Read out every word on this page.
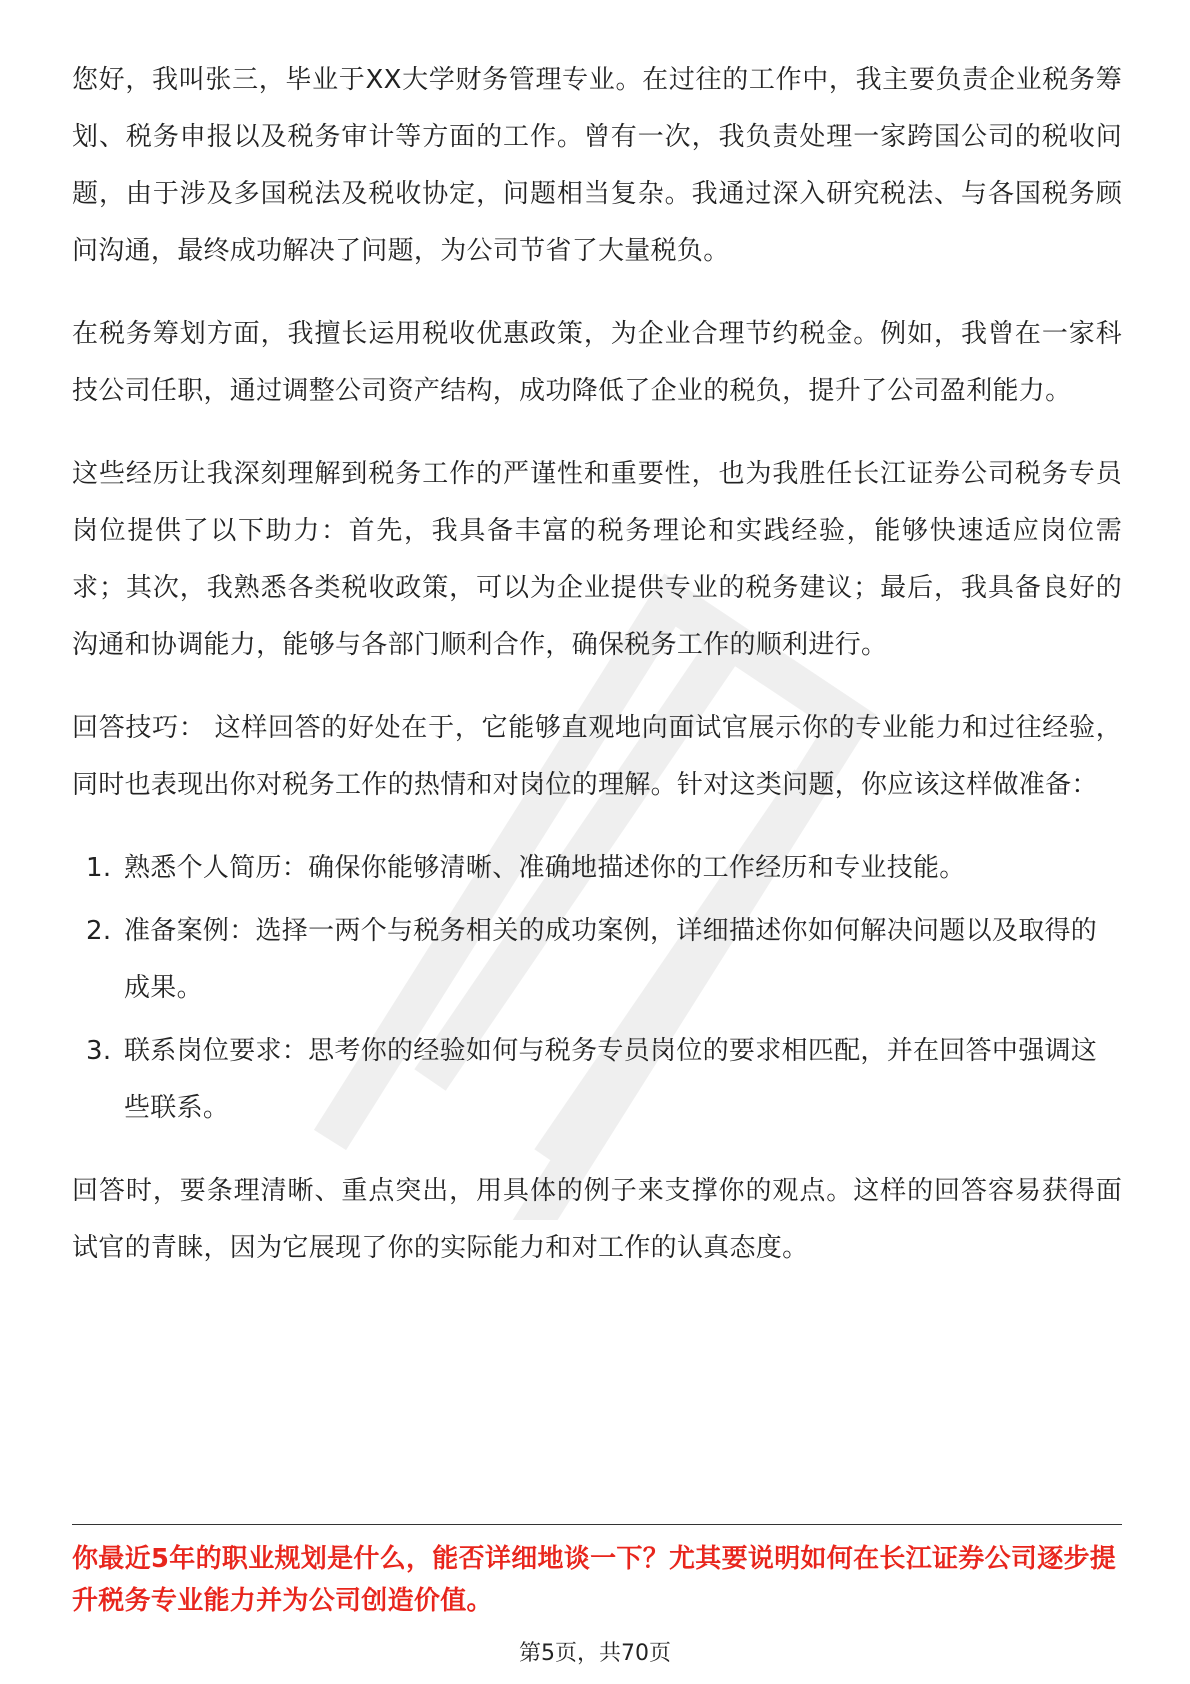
您好，我叫张三，毕业于XX大学财务管理专业。在过往的工作中，我主要负责企业税务筹划、税务申报以及税务审计等方面的工作。曾有一次，我负责处理一家跨国公司的税收问题，由于涉及多国税法及税收协定，问题相当复杂。我通过深入研究税法、与各国税务顾问沟通，最终成功解决了问题，为公司节省了大量税负。

在税务筹划方面，我擅长运用税收优惠政策，为企业合理节约税金。例如，我曾在一家科技公司任职，通过调整公司资产结构，成功降低了企业的税负，提升了公司盈利能力。

这些经历让我深刻理解到税务工作的严谨性和重要性，也为我胜任长江证券公司税务专员岗位提供了以下助力：首先，我具备丰富的税务理论和实践经验，能够快速适应岗位需求；其次，我熟悉各类税收政策，可以为企业提供专业的税务建议；最后，我具备良好的沟通和协调能力，能够与各部门顺利合作，确保税务工作的顺利进行。

回答技巧： 这样回答的好处在于，它能够直观地向面试官展示你的专业能力和过往经验，同时也表现出你对税务工作的热情和对岗位的理解。针对这类问题，你应该这样做准备：

1. 熟悉个人简历：确保你能够清晰、准确地描述你的工作经历和专业技能。
2. 准备案例：选择一两个与税务相关的成功案例，详细描述你如何解决问题以及取得的成果。
3. 联系岗位要求：思考你的经验如何与税务专员岗位的要求相匹配，并在回答中强调这些联系。

回答时，要条理清晰、重点突出，用具体的例子来支撑你的观点。这样的回答容易获得面试官的青睐，因为它展现了你的实际能力和对工作的认真态度。

你最近5年的职业规划是什么，能否详细地谈一下？尤其要说明如何在长江证券公司逐步提升税务专业能力并为公司创造价值。
第5页，共70页
